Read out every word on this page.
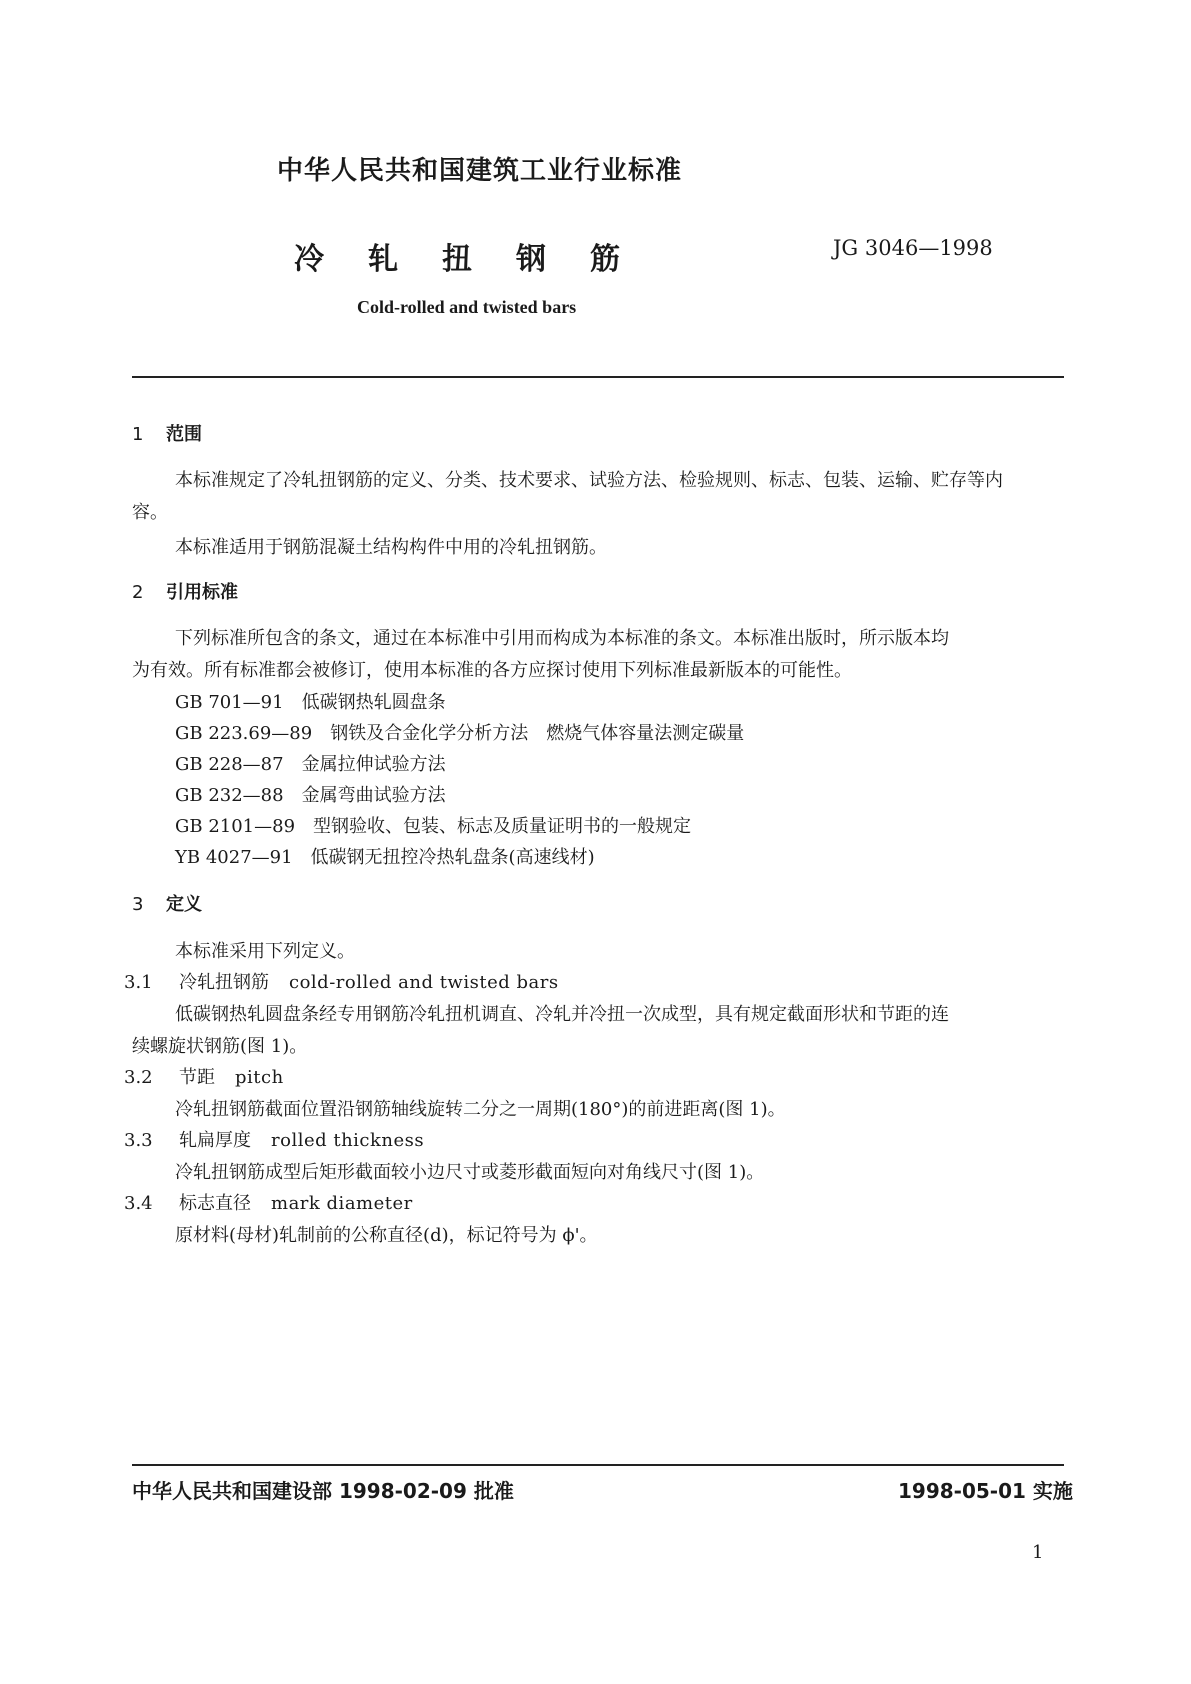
中华人民共和国建筑工业行业标准
冷轧扭钢筋	JG 3046—1998
Cold-rolled and twisted bars
1 范围
本标准规定了冷轧扭钢筋的定义、分类、技术要求、试验方法、检验规则、标志、包装、运输、贮存等内
容。
本标准适用于钢筋混凝土结构构件中用的冷轧扭钢筋。
2 引用标准
下列标准所包含的条文，通过在本标准中引用而构成为本标准的条文。本标准出版时，所示版本均
为有效。所有标准都会被修订，使用本标准的各方应探讨使用下列标准最新版本的可能性。
GB 701—91　 低碳钢热轧圆盘条
GB 223.69—89　 钢铁及合金化学分析方法　燃烧气体容量法测定碳量
GB 228—87　 金属拉伸试验方法
GB 232—88　 金属弯曲试验方法
GB 2101—89　 型钢验收、包装、标志及质量证明书的一般规定
YB 4027—91　 低碳钢无扭控冷热轧盘条(高速线材)
3 定义
本标准采用下列定义。
3.1 冷轧扭钢筋 cold-rolled and twisted bars
低碳钢热轧圆盘条经专用钢筋冷轧扭机调直、冷轧并冷扭一次成型，具有规定截面形状和节距的连
续螺旋状钢筋(图 1)。
3.2 节距 pitch
冷轧扭钢筋截面位置沿钢筋轴线旋转二分之一周期(180°)的前进距离(图 1)。
3.3 轧扁厚度 rolled thickness
冷轧扭钢筋成型后矩形截面较小边尺寸或菱形截面短向对角线尺寸(图 1)。
3.4 标志直径 mark diameter
原材料(母材)轧制前的公称直径(d)，标记符号为 ϕ'。
中华人民共和国建设部 1998-02-09 批准	1998-05-01 实施
1
